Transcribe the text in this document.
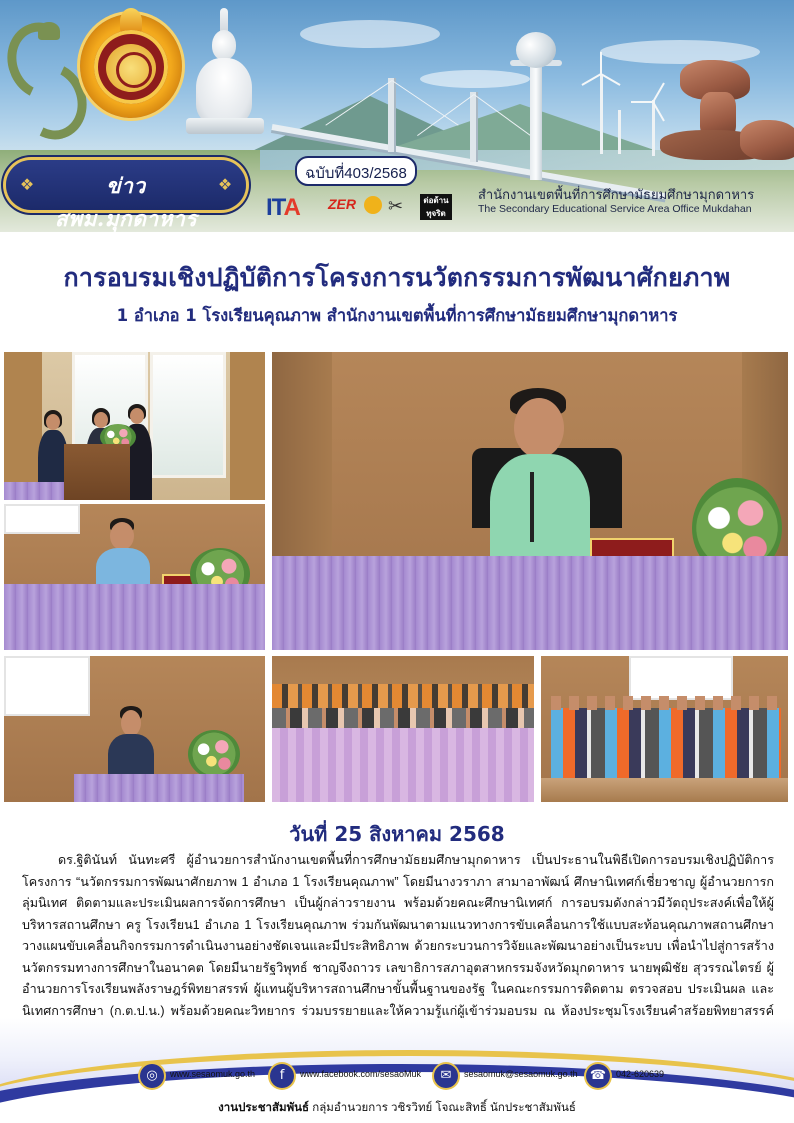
❖	ข่าว สพม.มุกดาหาร
❖
ฉบับที่403/2568
ITA	ZER	✂	ต่อต้าน
ทุจริต
สำนักงานเขตพื้นที่การศึกษามัธยมศึกษามุกดาหาร
The Secondary Educational Service Area Office Mukdahan
การอบรมเชิงปฏิบัติการโครงการนวัตกรรมการพัฒนาศักยภาพ
1 อำเภอ 1 โรงเรียนคุณภาพ สำนักงานเขตพื้นที่การศึกษามัธยมศึกษามุกดาหาร
วันที่ 25 สิงหาคม 2568

ดร.ฐิตินันท์ นันทะศรี ผู้อำนวยการสำนักงานเขตพื้นที่การศึกษามัธยมศึกษามุกดาหาร เป็นประธานในพิธีเปิดการอบรมเชิงปฏิบัติการโครงการ “นวัตกรรมการพัฒนาศักยภาพ 1 อำเภอ 1 โรงเรียนคุณภาพ” โดยมีนางวราภา สามาอาพัฒน์ ศึกษานิเทศก์เชี่ยวชาญ ผู้อำนวยการกลุ่มนิเทศ ติดตามและประเมินผลการจัดการศึกษา เป็นผู้กล่าวรายงาน พร้อมด้วยคณะศึกษานิเทศก์ การอบรมดังกล่าวมีวัตถุประสงค์เพื่อให้ผู้บริหารสถานศึกษา ครู โรงเรียน1 อำเภอ 1 โรงเรียนคุณภาพ ร่วมกันพัฒนาตามแนวทางการขับเคลื่อนการใช้แบบสะท้อนคุณภาพสถานศึกษา วางแผนขับเคลื่อนกิจกรรมการดำเนินงานอย่างชัดเจนและมีประสิทธิภาพ ด้วยกระบวนการวิจัยและพัฒนาอย่างเป็นระบบ เพื่อนำไปสู่การสร้างนวัตกรรมทางการศึกษาในอนาคต โดยมีนายรัฐวิพุทธ์ ชาญจึงถาวร เลขาธิการสภาอุตสาหกรรมจังหวัดมุกดาหาร นายพุฒิชัย สุวรรณไตรย์ ผู้อำนวยการโรงเรียนพลังราษฎร์พิทยาสรรพ์ ผู้แทนผู้บริหารสถานศึกษาขั้นพื้นฐานของรัฐ ในคณะกรรมการติดตาม ตรวจสอบ ประเมินผล และนิเทศการศึกษา (ก.ต.ป.น.) พร้อมด้วยคณะวิทยากร ร่วมบรรยายและให้ความรู้แก่ผู้เข้าร่วมอบรม ณ ห้องประชุมโรงเรียนคำสร้อยพิทยาสรรค์

◎	www.sesaomuk.go.th	f	www.facebook.com/sesaoMuk	✉	sesaomuk@sesaomuk.go.th ☎	042-620639
งานประชาสัมพันธ์ กลุ่มอำนวยการ วชิรวิทย์ โจณะสิทธิ์ นักประชาสัมพันธ์
